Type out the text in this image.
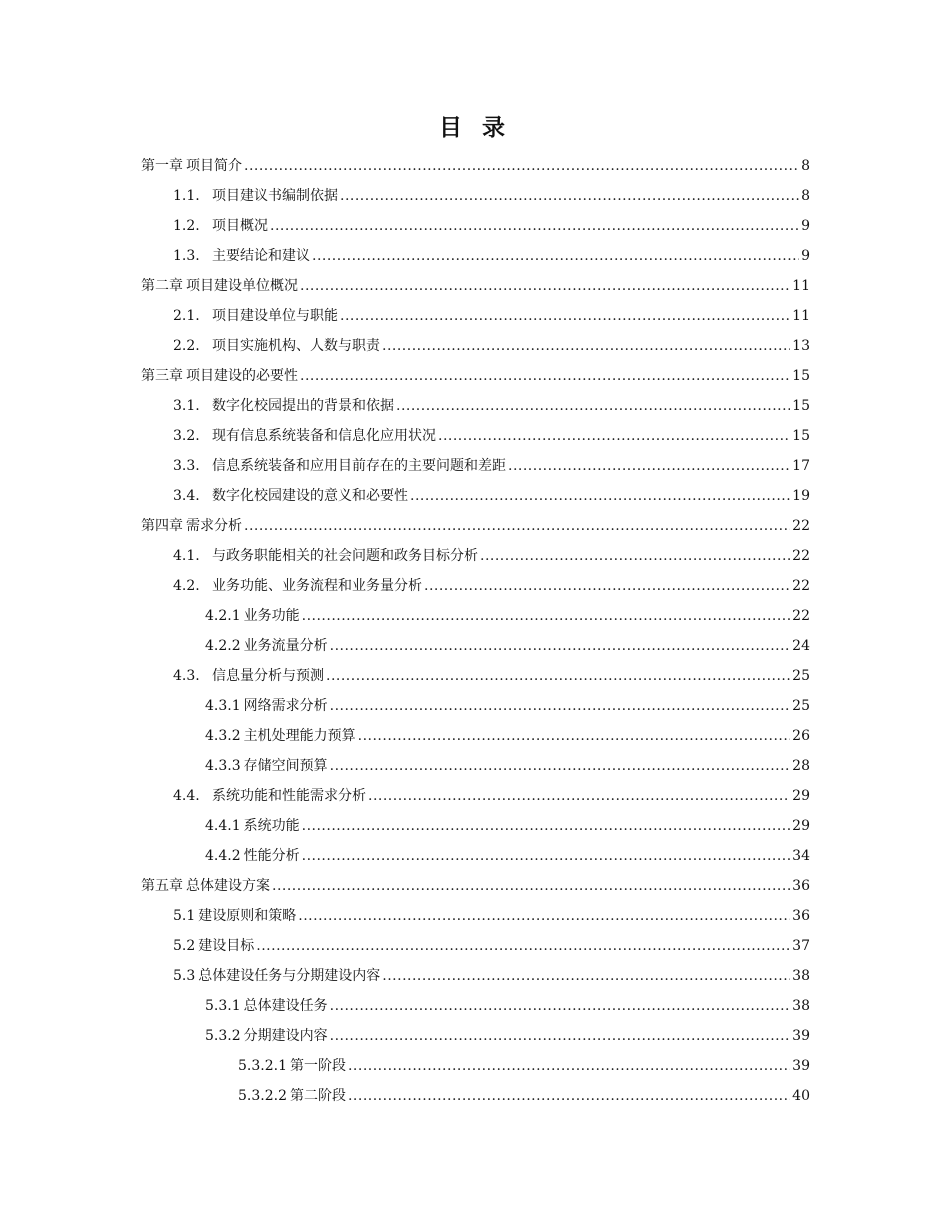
目 录
第一章 项目简介 .....	8
1.1. 项目建议书编制依据 .....	8
1.2. 项目概况 .....	9
1.3. 主要结论和建议 .....	9
第二章 项目建设单位概况 .....	11
2.1. 项目建设单位与职能 .....	11
2.2. 项目实施机构、人数与职责 .....	13
第三章 项目建设的必要性 .....	15
3.1. 数字化校园提出的背景和依据 .....	15
3.2. 现有信息系统装备和信息化应用状况 .....	15
3.3. 信息系统装备和应用目前存在的主要问题和差距 .....	17
3.4. 数字化校园建设的意义和必要性 .....	19
第四章 需求分析 .....	22
4.1. 与政务职能相关的社会问题和政务目标分析 .....	22
4.2. 业务功能、业务流程和业务量分析 .....	22
4.2.1 业务功能 .....	22
4.2.2 业务流量分析 .....	24
4.3. 信息量分析与预测 .....	25
4.3.1 网络需求分析 .....	25
4.3.2 主机处理能力预算 .....	26
4.3.3 存储空间预算 .....	28
4.4. 系统功能和性能需求分析 .....	29
4.4.1 系统功能 .....	29
4.4.2 性能分析 .....	34
第五章 总体建设方案 .....	36
5.1 建设原则和策略 .....	36
5.2 建设目标 .....	37
5.3 总体建设任务与分期建设内容 .....	38
5.3.1 总体建设任务 .....	38
5.3.2 分期建设内容 .....	39
5.3.2.1 第一阶段 .....	39
5.3.2.2 第二阶段 .....	40
